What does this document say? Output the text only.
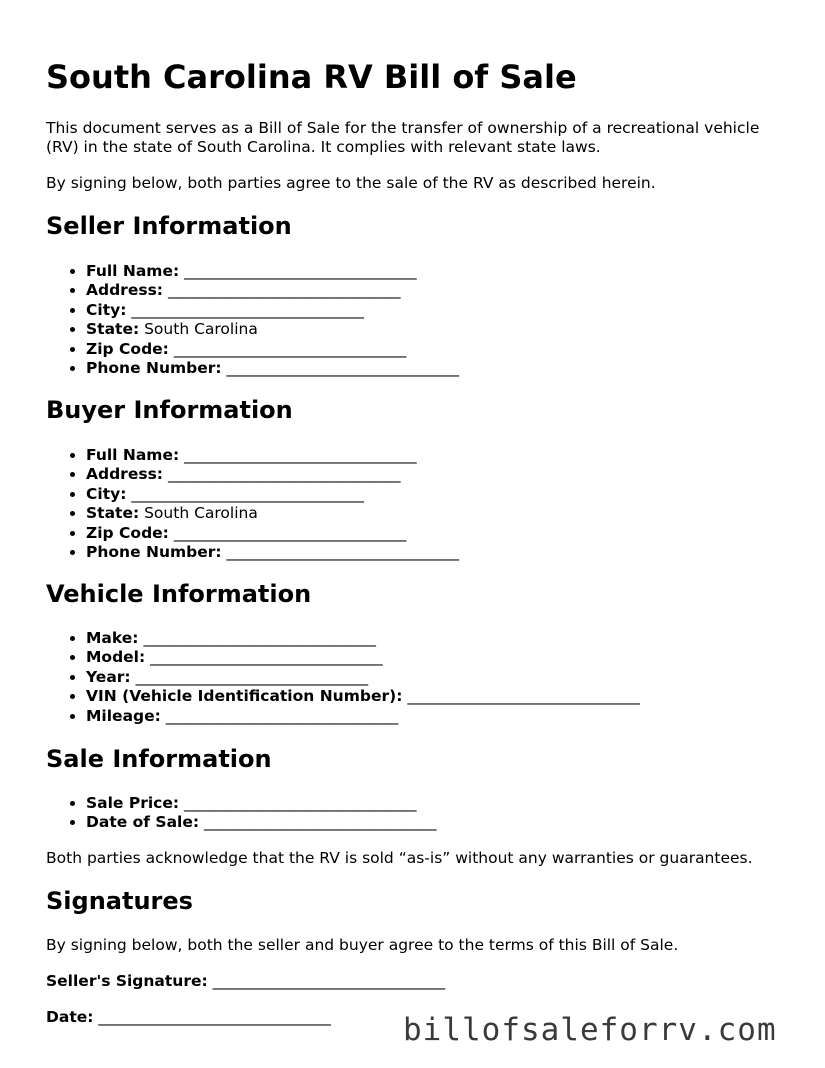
South Carolina RV Bill of Sale

This document serves as a Bill of Sale for the transfer of ownership of a recreational vehicle (RV) in the state of South Carolina. It complies with relevant state laws.

By signing below, both parties agree to the sale of the RV as described herein.

Seller Information
• Full Name: ______________________________
• Address: ______________________________
• City: ______________________________
• State: South Carolina
• Zip Code: ______________________________
• Phone Number: ______________________________
Buyer Information
• Full Name: ______________________________
• Address: ______________________________
• City: ______________________________
• State: South Carolina
• Zip Code: ______________________________
• Phone Number: ______________________________
Vehicle Information
• Make: ______________________________
• Model: ______________________________
• Year: ______________________________
• VIN (Vehicle Identification Number): ______________________________
• Mileage: ______________________________
Sale Information
• Sale Price: ______________________________
• Date of Sale: ______________________________

Both parties acknowledge that the RV is sold “as-is” without any warranties or guarantees.

Signatures

By signing below, both the seller and buyer agree to the terms of this Bill of Sale.

Seller's Signature: ______________________________
Date: ______________________________ billofsaleforrv.com
